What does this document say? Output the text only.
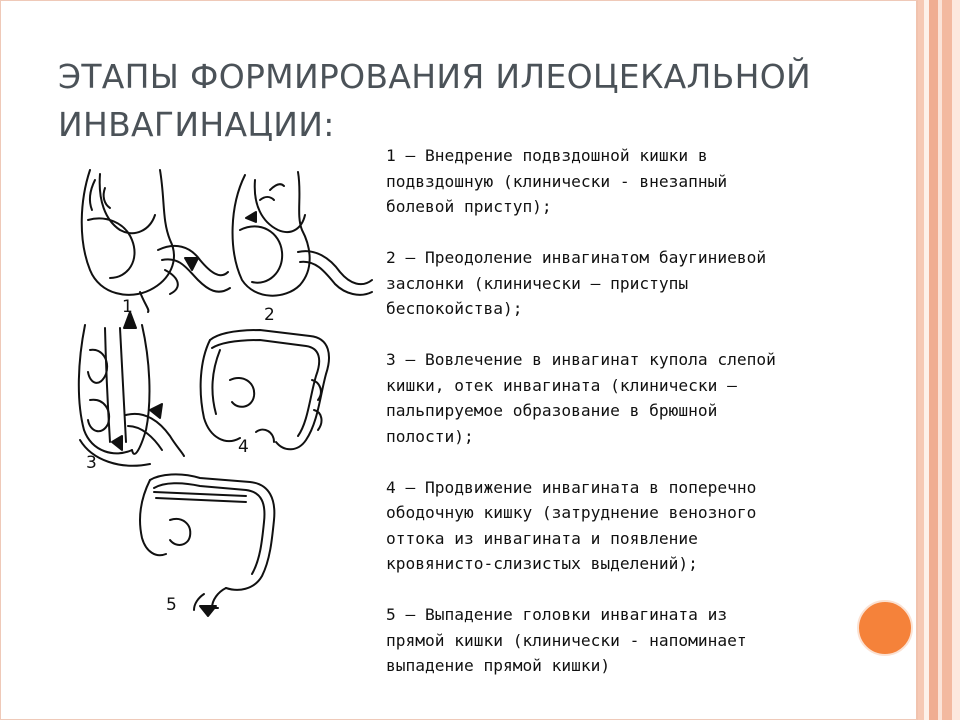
ЭТАПЫ ФОРМИРОВАНИЯ ИЛЕОЦЕКАЛЬНОЙ
ИНВАГИНАЦИИ:
1	2
3
4
5
1 – Внедрение подвздошной кишки в
подвздошную (клинически - внезапный
болевой приступ);
2 – Преодоление инвагинатом баугиниевой
заслонки (клинически – приступы
беспокойства);
3 – Вовлечение в инвагинат купола слепой
кишки, отек инвагината (клинически –
пальпируемое образование в брюшной
полости);
4 – Продвижение инвагината в поперечно
ободочную кишку (затруднение венозного
оттока из инвагината и появление
кровянисто-слизистых выделений);
5 – Выпадение головки инвагината из
прямой кишки (клинически - напоминает
выпадение прямой кишки)
